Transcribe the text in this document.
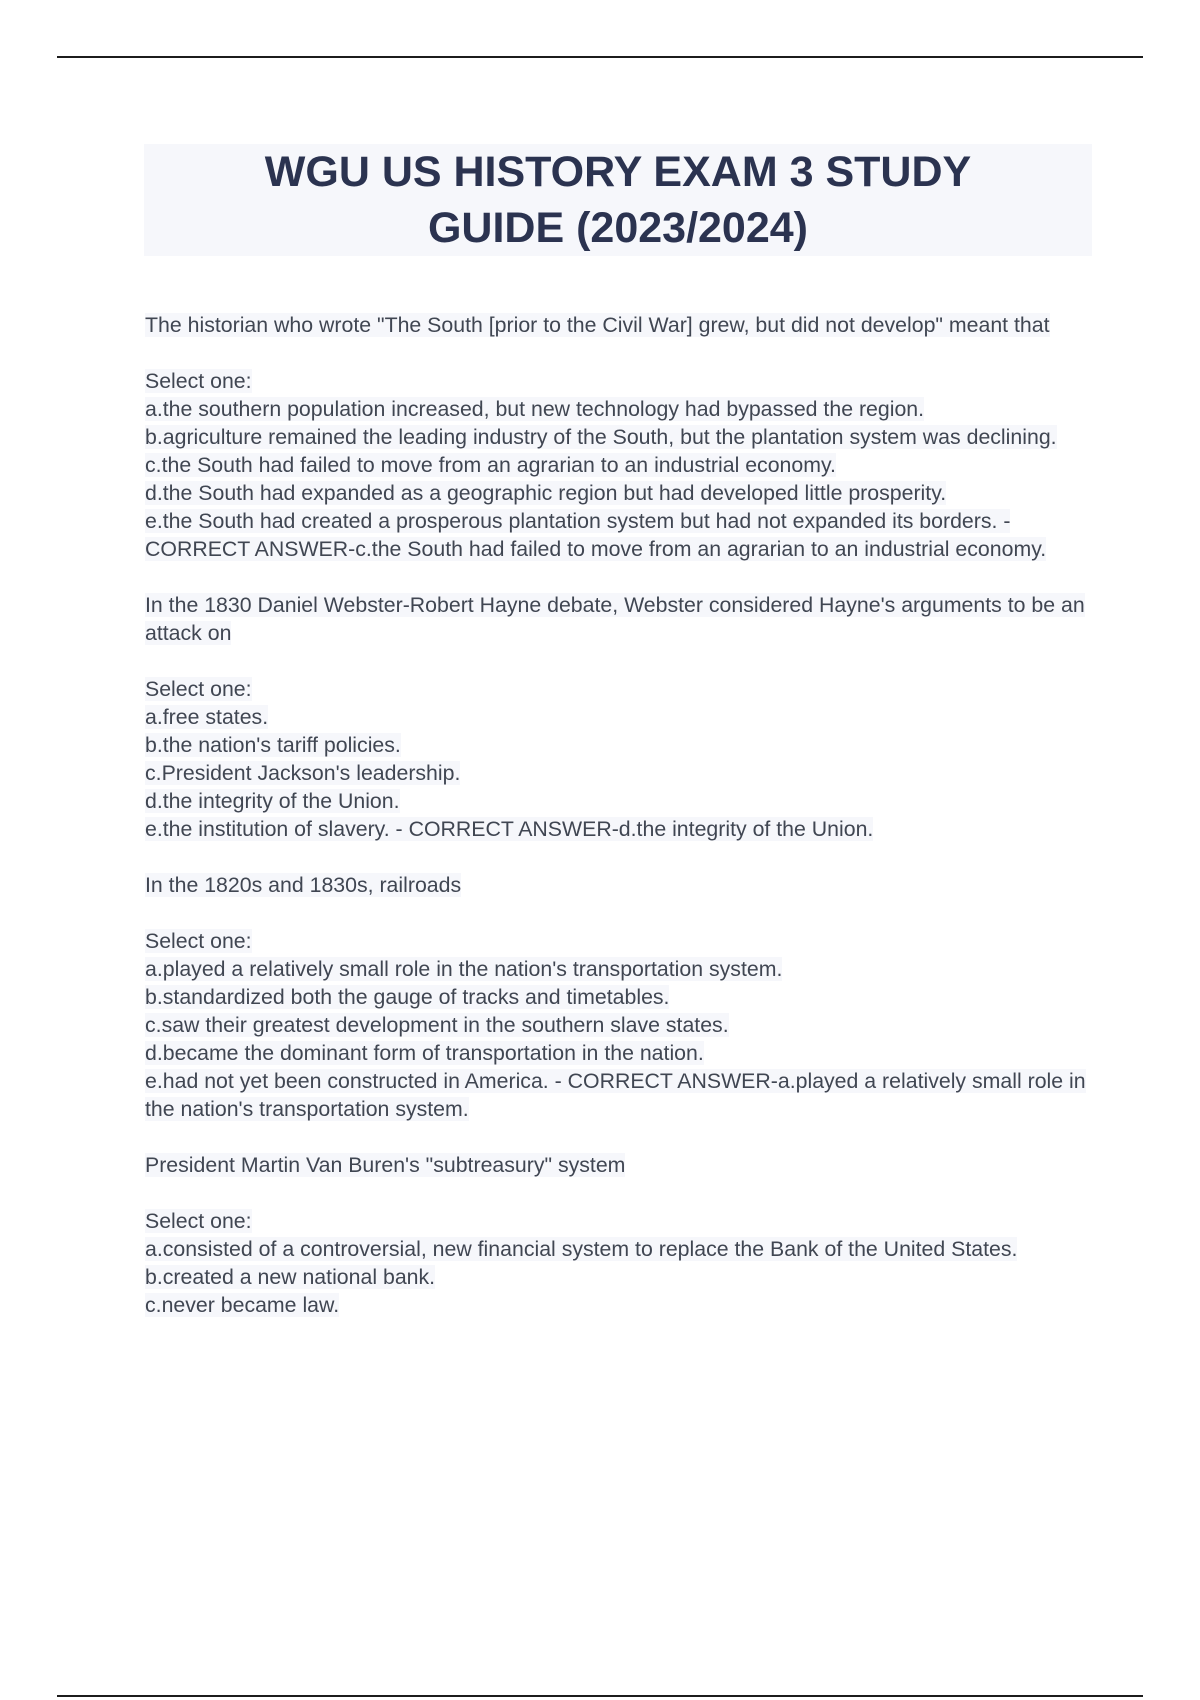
WGU US HISTORY EXAM 3 STUDY
GUIDE (2023/2024)

The historian who wrote "The South [prior to the Civil War] grew, but did not develop" meant that

Select one:
a.the southern population increased, but new technology had bypassed the region.
b.agriculture remained the leading industry of the South, but the plantation system was declining.
c.the South had failed to move from an agrarian to an industrial economy.
d.the South had expanded as a geographic region but had developed little prosperity.
e.the South had created a prosperous plantation system but had not expanded its borders. - CORRECT ANSWER-c.the South had failed to move from an agrarian to an industrial economy.

In the 1830 Daniel Webster-Robert Hayne debate, Webster considered Hayne's arguments to be an attack on

Select one:
a.free states.
b.the nation's tariff policies.
c.President Jackson's leadership.
d.the integrity of the Union.
e.the institution of slavery. - CORRECT ANSWER-d.the integrity of the Union.

In the 1820s and 1830s, railroads

Select one:
a.played a relatively small role in the nation's transportation system.
b.standardized both the gauge of tracks and timetables.
c.saw their greatest development in the southern slave states.
d.became the dominant form of transportation in the nation.
e.had not yet been constructed in America. - CORRECT ANSWER-a.played a relatively small role in the nation's transportation system.

President Martin Van Buren's "subtreasury" system

Select one:
a.consisted of a controversial, new financial system to replace the Bank of the United States.
b.created a new national bank.
c.never became law.
